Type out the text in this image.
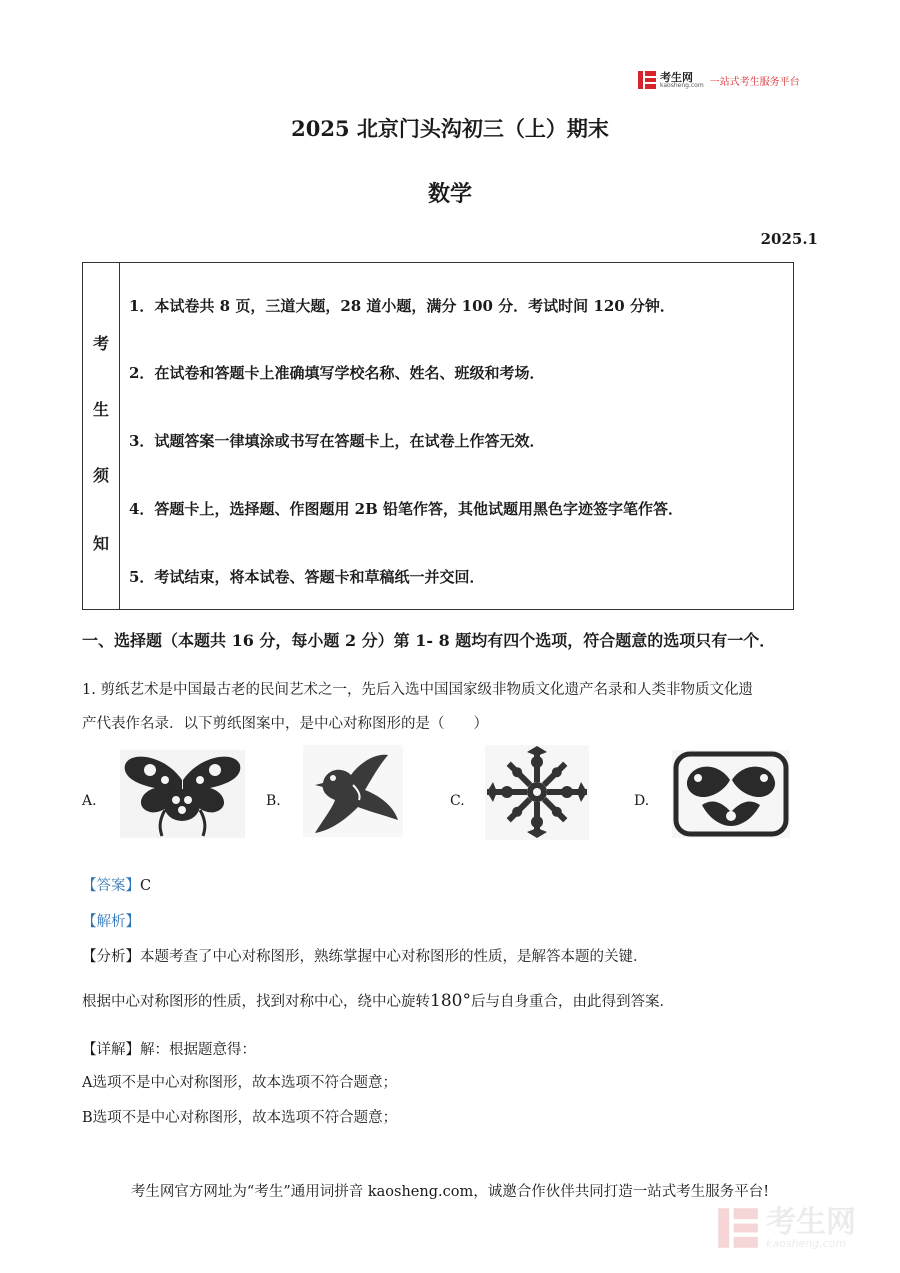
考生网
kaosheng.com 一站式考生服务平台
2025 北京门头沟初三（上）期末
数学
2025.1
考
生
须
知
1．本试卷共 8 页，三道大题，28 道小题，满分 100 分．考试时间 120 分钟．
2．在试卷和答题卡上准确填写学校名称、姓名、班级和考场．
3．试题答案一律填涂或书写在答题卡上，在试卷上作答无效．
4．答题卡上，选择题、作图题用 2B 铅笔作答，其他试题用黑色字迹签字笔作答．
5．考试结束，将本试卷、答题卡和草稿纸一并交回．
一、选择题（本题共 16 分，每小题 2 分）第 1- 8 题均有四个选项，符合题意的选项只有一个．
1. 剪纸艺术是中国最古老的民间艺术之一，先后入选中国国家级非物质文化遗产名录和人类非物质文化遗
产代表作名录．以下剪纸图案中，是中心对称图形的是（　　）
A.	B.	C.	D.
【答案】C
【解析】
【分析】本题考查了中心对称图形，熟练掌握中心对称图形的性质，是解答本题的关键．
根据中心对称图形的性质，找到对称中心，绕中心旋转180°后与自身重合，由此得到答案．
【详解】解：根据题意得：
A选项不是中心对称图形，故本选项不符合题意；
B选项不是中心对称图形，故本选项不符合题意；
考生网官方网址为“考生”通用词拼音 kaosheng.com，诚邀合作伙伴共同打造一站式考生服务平台!
考生网
kaosheng.com
